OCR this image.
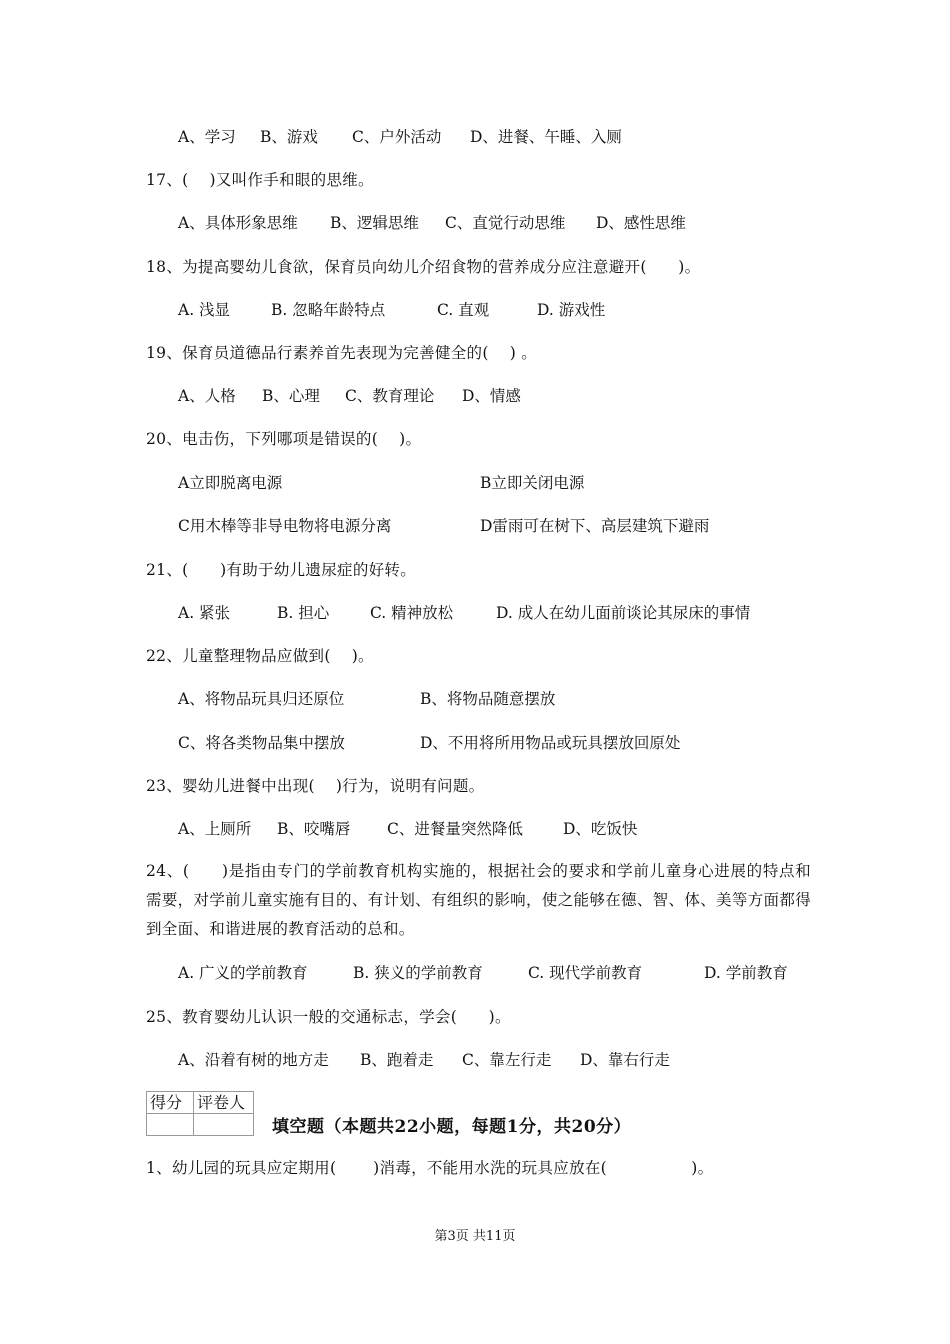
A、学习 B、游戏 C、户外活动 D、进餐、午睡、入厕
17、(　 )又叫作手和眼的思维。
A、具体形象思维 B、逻辑思维 C、直觉行动思维 D、感性思维
18、为提高婴幼儿食欲，保育员向幼儿介绍食物的营养成分应注意避开(　　)。
A. 浅显	B. 忽略年龄特点	C. 直观	D. 游戏性
19、保育员道德品行素养首先表现为完善健全的(　 ) 。
A、人格 B、心理 C、教育理论 D、情感
20、电击伤，下列哪项是错误的(　 )。
A立即脱离电源	B立即关闭电源
C用木棒等非导电物将电源分离	D雷雨可在树下、高层建筑下避雨
21、(　　)有助于幼儿遗尿症的好转。
A. 紧张	B. 担心	C. 精神放松	D. 成人在幼儿面前谈论其尿床的事情
22、儿童整理物品应做到(　 )。
A、将物品玩具归还原位	B、将物品随意摆放
C、将各类物品集中摆放	D、不用将所用物品或玩具摆放回原处
23、婴幼儿进餐中出现(　 )行为，说明有问题。
A、上厕所 B、咬嘴唇 C、进餐量突然降低	D、吃饭快
24、(　　)是指由专门的学前教育机构实施的，根据社会的要求和学前儿童身心进展的特点和需要，对学前儿童实施有目的、有计划、有组织的影响，使之能够在德、智、体、美等方面都得到全面、和谐进展的教育活动的总和。
A. 广义的学前教育	B. 狭义的学前教育	C. 现代学前教育	D. 学前教育
25、教育婴幼儿认识一般的交通标志，学会(　　)。
A、沿着有树的地方走 B、跑着走 C、靠左行走 D、靠右行走
得分	评卷人

填空题（本题共22小题，每题1分，共20分）
1、幼儿园的玩具应定期用(　　 )消毒，不能用水洗的玩具应放在(　　　　　 )。
第3页 共11页
